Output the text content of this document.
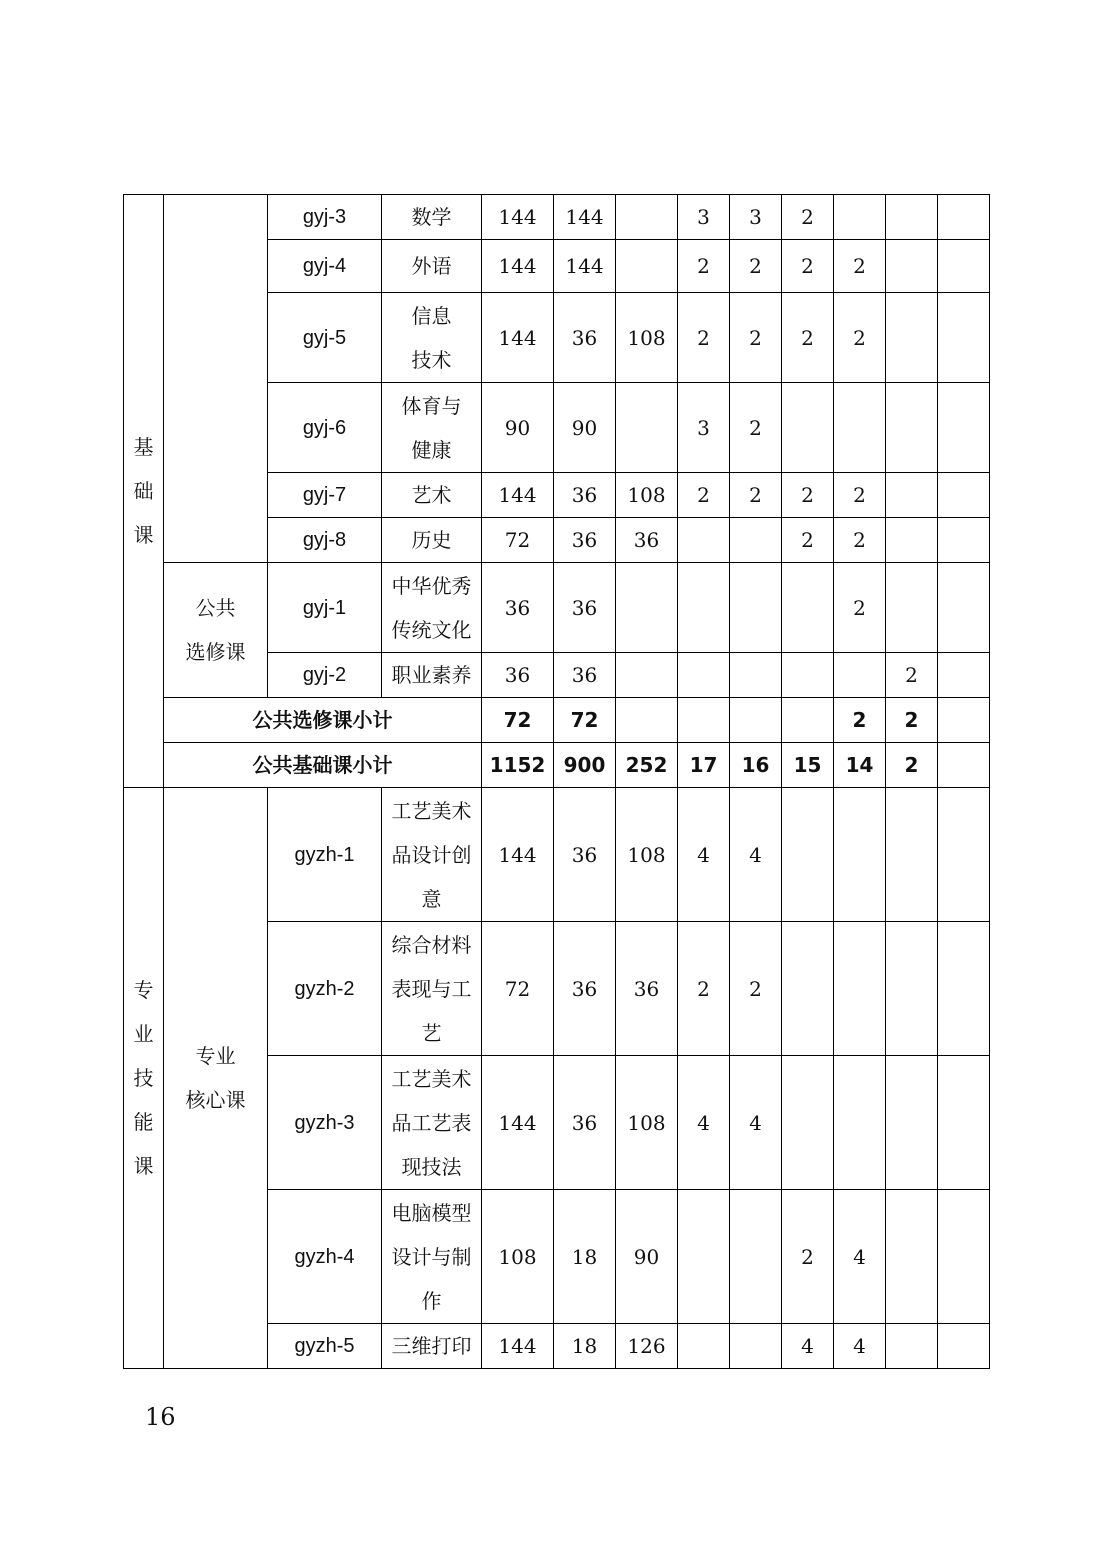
基
础
课		gyj-3	数学	144	144		3	3	2			
		gyj-4	外语	144	144		2	2	2	2		
		gyj-5	信息
技术	144	36	108	2	2	2	2		
		gyj-6	体育与
健康	90	90		3	2				
		gyj-7	艺术	144	36	108	2	2	2	2		
		gyj-8	历史	72	36	36			2	2		

	公共
选修课	gyj-1	中华优秀
传统文化	36	36					2		
		gyj-2	职业素养	36	36						2	
	公共选修课小计			72	72					2	2	
	公共基础课小计			1152	900	252	17	16	15	14	2	

专
业
技
能
课	专业
核心课	gyzh-1	工艺美术
品设计创
意	144	36	108	4	4				
		gyzh-2	综合材料
表现与工
艺	72	36	36	2	2				
		gyzh-3	工艺美术
品工艺表
现技法	144	36	108	4	4				
		gyzh-4	电脑模型
设计与制
作	108	18	90			2	4		
		gyzh-5	三维打印	144	18	126			4	4		
16
